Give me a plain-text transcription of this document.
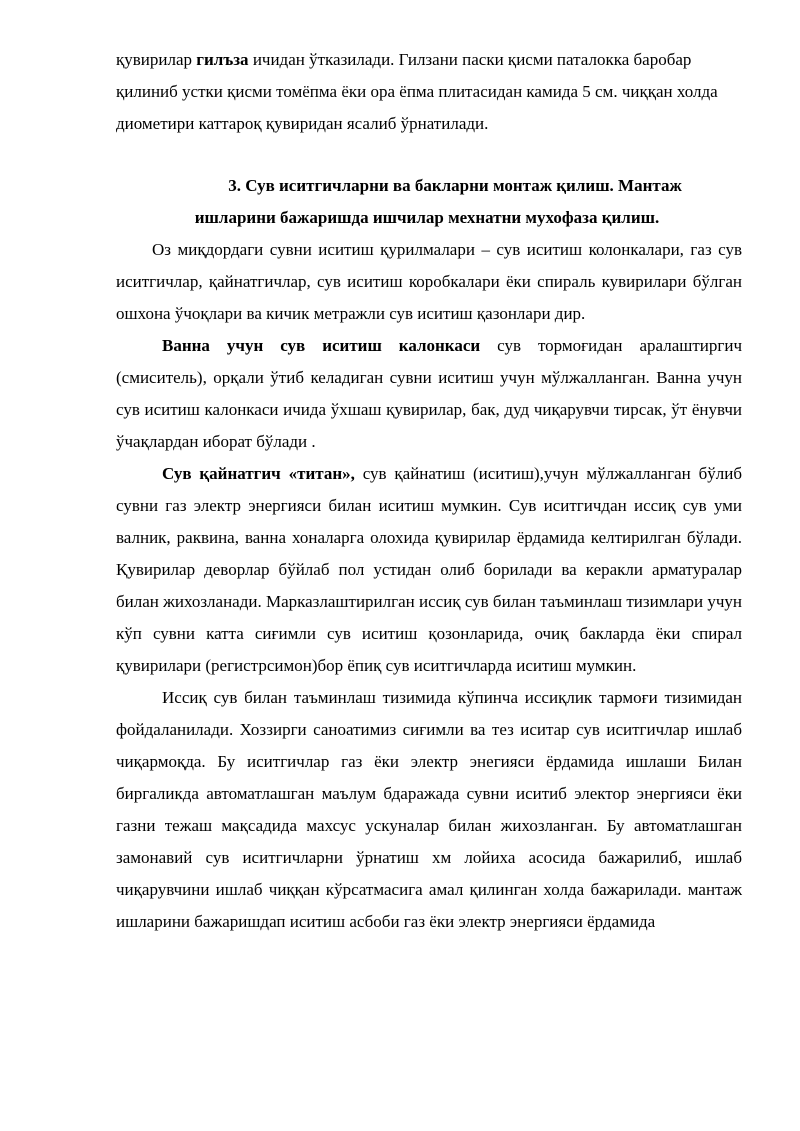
қувирилар гилъза ичидан ўтказилади. Гилзани паски қисми паталокка баробар қилиниб устки қисми томёпма ёки ора ёпма плитасидан камида 5 см. чиққан холда диометири каттароқ қувиридан ясалиб ўрнатилади.

3. Сув иситгичларни ва бакларни монтаж қилиш. Мантаж
ишларини бажаришда ишчилар мехнатни мухофаза қилиш.

Оз миқдордаги сувни иситиш қурилмалари – сув иситиш колонкалари, газ сув иситгичлар, қайнатгичлар, сув иситиш коробкалари ёки спираль кувирилари бўлган ошхона ўчоқлари ва кичик метражли сув иситиш қазонлари дир.

Ванна учун сув иситиш калонкаси сув тормоғидан аралаштиргич (смиситель), орқали ўтиб келадиган сувни иситиш учун мўлжалланган. Ванна учун сув иситиш калонкаси ичида ўхшаш қувирилар, бак, дуд чиқарувчи тирсак, ўт ёнувчи ўчақлардан иборат бўлади .

Сув қайнатгич «титан», сув қайнатиш (иситиш),учун мўлжалланган бўлиб сувни газ электр энергияси билан иситиш мумкин. Сув иситгичдан иссиқ сув уми валник, раквина, ванна хоналарга олохида қувирилар ёрдамида келтирилган бўлади. Қувирилар деворлар бўйлаб пол устидан олиб борилади ва керакли арматуралар билан жихозланади. Марказлаштирилган иссиқ сув билан таъминлаш тизимлари учун кўп сувни катта сиғимли сув иситиш қозонларида, очиқ бакларда ёки спирал қувирилари (регистрсимон)бор ёпиқ сув иситгичларда иситиш мумкин.

Иссиқ сув билан таъминлаш тизимида кўпинча иссиқлик тармоғи тизимидан фойдаланилади. Хоззирги саноатимиз сиғимли ва тез иситар сув иситгичлар ишлаб чиқармоқда. Бу иситгичлар газ ёки электр энегияси ёрдамида ишлаши Билан биргаликда автоматлашган маълум бдаражада сувни иситиб электор энергияси ёки газни тежаш мақсадида махсус ускуналар билан жихозланган. Бу автоматлашган замонавий сув иситгичларни ўрнатиш хм лойиха асосида бажарилиб, ишлаб чиқарувчини ишлаб чиққан кўрсатмасига амал қилинган холда бажарилади. мантаж ишларини бажаришдап иситиш асбоби газ ёки электр энергияси ёрдамида
